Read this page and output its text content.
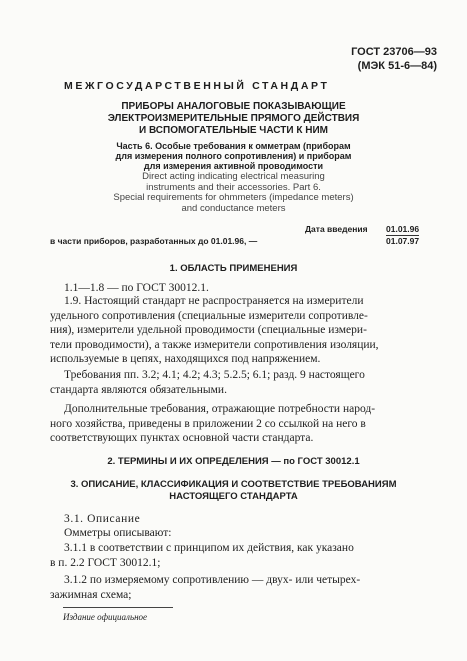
ГОСТ 23706—93

(МЭК 51-6—84)

МЕЖГОСУДАРСТВЕННЫЙ СТАНДАРТ

ПРИБОРЫ АНАЛОГОВЫЕ ПОКАЗЫВАЮЩИЕ
ЭЛЕКТРОИЗМЕРИТЕЛЬНЫЕ ПРЯМОГО ДЕЙСТВИЯ
И ВСПОМОГАТЕЛЬНЫЕ ЧАСТИ К НИМ
Часть 6. Особые требования к омметрам (приборам
для измерения полного сопротивления) и приборам
для измерения активной проводимости
Direct acting indicating electrical measuring
instruments and their accessories. Part 6.
Special requirements for ohmmeters (impedance meters)
and conductance meters

Дата введения 01.01.96
01.07.97

в части приборов, разработанных до 01.01.96, —

1. ОБЛАСТЬ ПРИМЕНЕНИЯ

1.1—1.8 — по ГОСТ 30012.1.

1.9. Настоящий стандарт не распространяется на измерители
удельного сопротивления (специальные измерители сопротивле-
ния), измерители удельной проводимости (специальные измери-
тели проводимости), а также измерители сопротивления изоляции,
используемые в цепях, находящихся под напряжением.
Требования пп. 3.2; 4.1; 4.2; 4.3; 5.2.5; 6.1; разд. 9 настоящего
стандарта являются обязательными.
Дополнительные требования, отражающие потребности народ-
ного хозяйства, приведены в приложении 2 со ссылкой на него в
соответствующих пунктах основной части стандарта.

2. ТЕРМИНЫ И ИХ ОПРЕДЕЛЕНИЯ — по ГОСТ 30012.1

3. ОПИСАНИЕ, КЛАССИФИКАЦИЯ И СООТВЕТСТВИЕ ТРЕБОВАНИЯМ
НАСТОЯЩЕГО СТАНДАРТА

3.1. Описание

Омметры описывают:

3.1.1 в соответствии с принципом их действия, как указано
в п. 2.2 ГОСТ 30012.1;
3.1.2 по измеряемому сопротивлению — двух- или четырех-
зажимная схема;

Издание официальное
